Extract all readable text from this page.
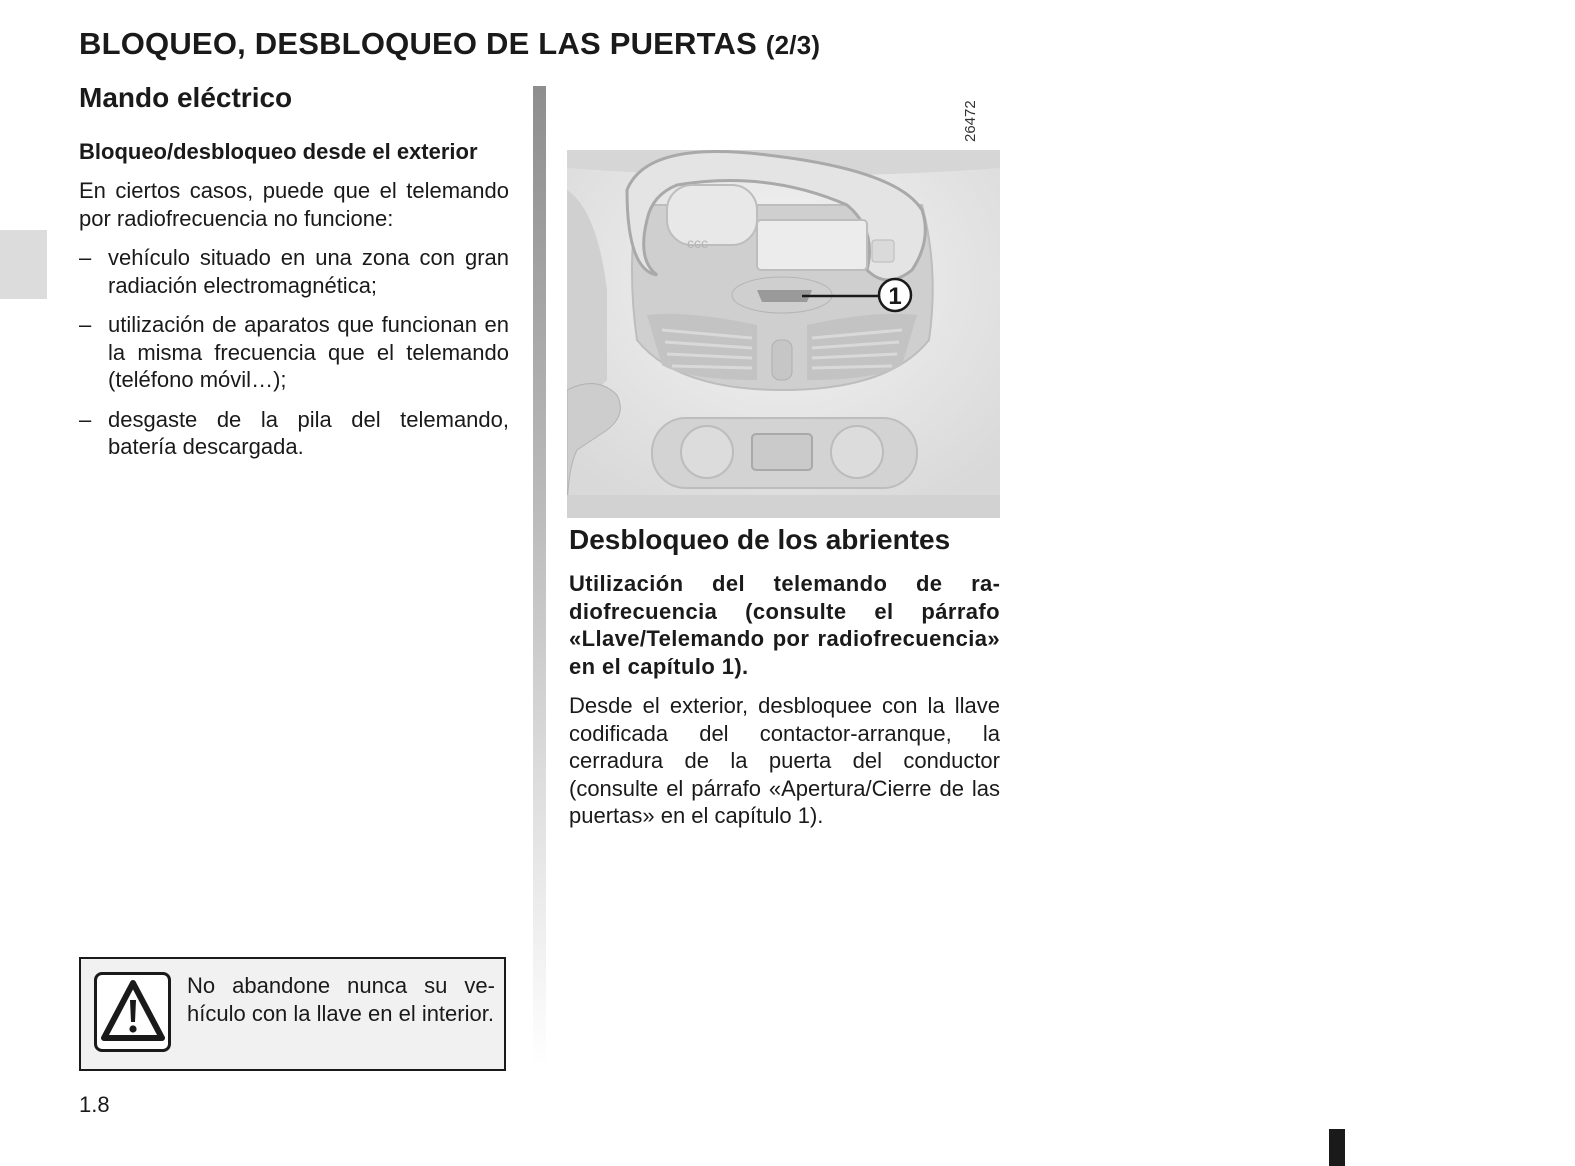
BLOQUEO, DESBLOQUEO DE LAS PUERTAS (2/3)
Mando eléctrico
Bloqueo/desbloqueo desde el exterior

En ciertos casos, puede que el telemando por radiofrecuencia no funcione:

– vehículo situado en una zona con gran radiación electromagnética;
– utilización de aparatos que funcionan en la misma frecuencia que el telemando (teléfono móvil…);
– desgaste de la pila del telemando, batería descargada.
No abandone nunca su vehículo con la llave en el interior.
26472
ccc
1
Desbloqueo de los abrientes

Utilización del telemando de radiofrecuencia (consulte el párrafo «Llave/Telemando por radiofrecuencia» en el capítulo 1).

Desde el exterior, desbloquee con la llave codificada del contactor-arranque, la cerradura de la puerta del conductor (consulte el párrafo «Apertura/Cierre de las puertas» en el capítulo 1).

1.8
